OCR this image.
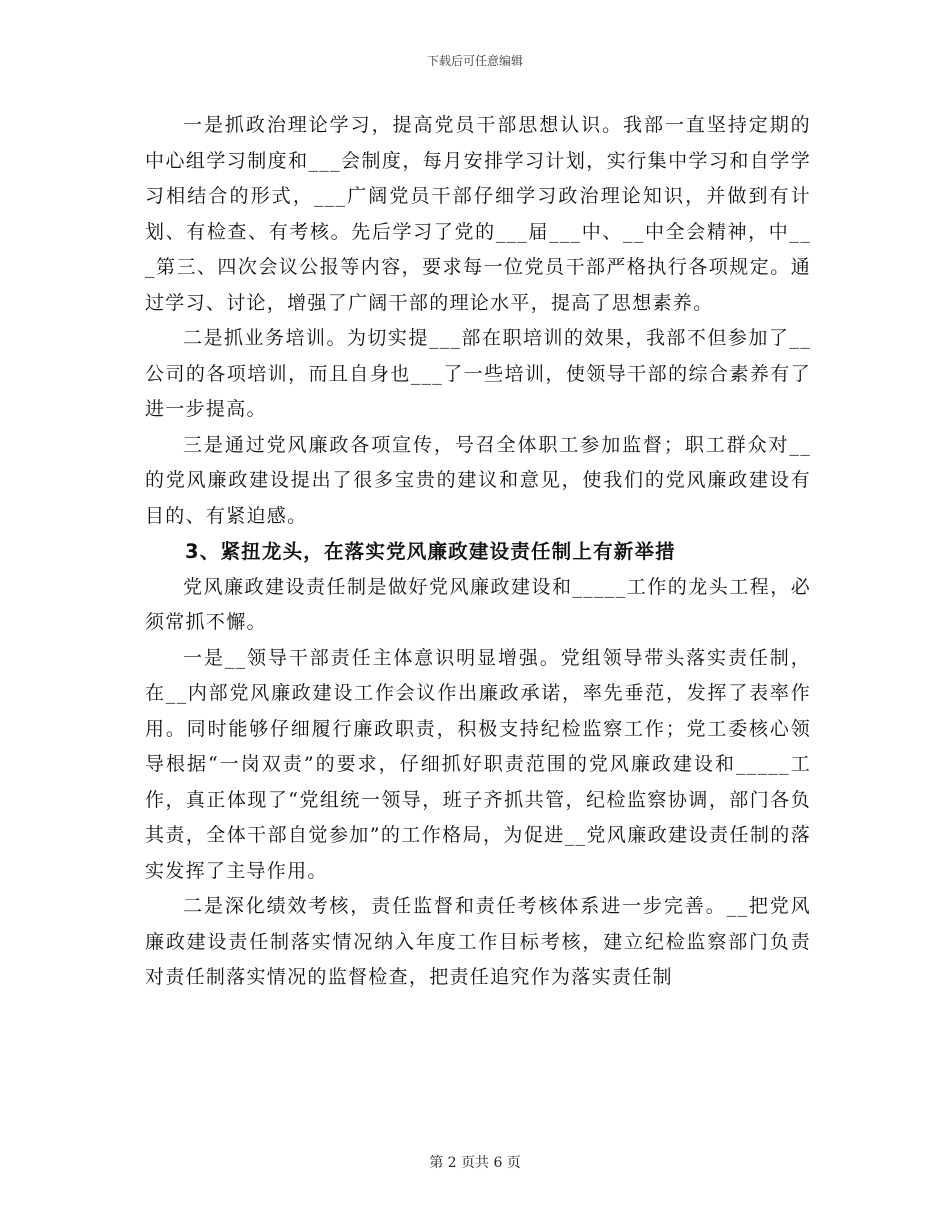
下载后可任意编辑

一是抓政治理论学习，提高党员干部思想认识。我部一直坚持定期的中心组学习制度和___会制度，每月安排学习计划，实行集中学习和自学学习相结合的形式，___广阔党员干部仔细学习政治理论知识，并做到有计划、有检查、有考核。先后学习了党的___届___中、__中全会精神，中___第三、四次会议公报等内容，要求每一位党员干部严格执行各项规定。通过学习、讨论，增强了广阔干部的理论水平，提高了思想素养。

二是抓业务培训。为切实提___部在职培训的效果，我部不但参加了__公司的各项培训，而且自身也___了一些培训，使领导干部的综合素养有了进一步提高。

三是通过党风廉政各项宣传，号召全体职工参加监督；职工群众对__的党风廉政建设提出了很多宝贵的建议和意见，使我们的党风廉政建设有目的、有紧迫感。

3、紧扭龙头，在落实党风廉政建设责任制上有新举措

党风廉政建设责任制是做好党风廉政建设和_____工作的龙头工程，必须常抓不懈。

一是__领导干部责任主体意识明显增强。党组领导带头落实责任制，在__内部党风廉政建设工作会议作出廉政承诺，率先垂范，发挥了表率作用。同时能够仔细履行廉政职责，积极支持纪检监察工作；党工委核心领导根据“一岗双责”的要求，仔细抓好职责范围的党风廉政建设和_____工作，真正体现了“党组统一领导，班子齐抓共管，纪检监察协调，部门各负其责，全体干部自觉参加”的工作格局，为促进__党风廉政建设责任制的落实发挥了主导作用。

二是深化绩效考核，责任监督和责任考核体系进一步完善。__把党风廉政建设责任制落实情况纳入年度工作目标考核，建立纪检监察部门负责对责任制落实情况的监督检查，把责任追究作为落实责任制

第 2 页共 6 页
